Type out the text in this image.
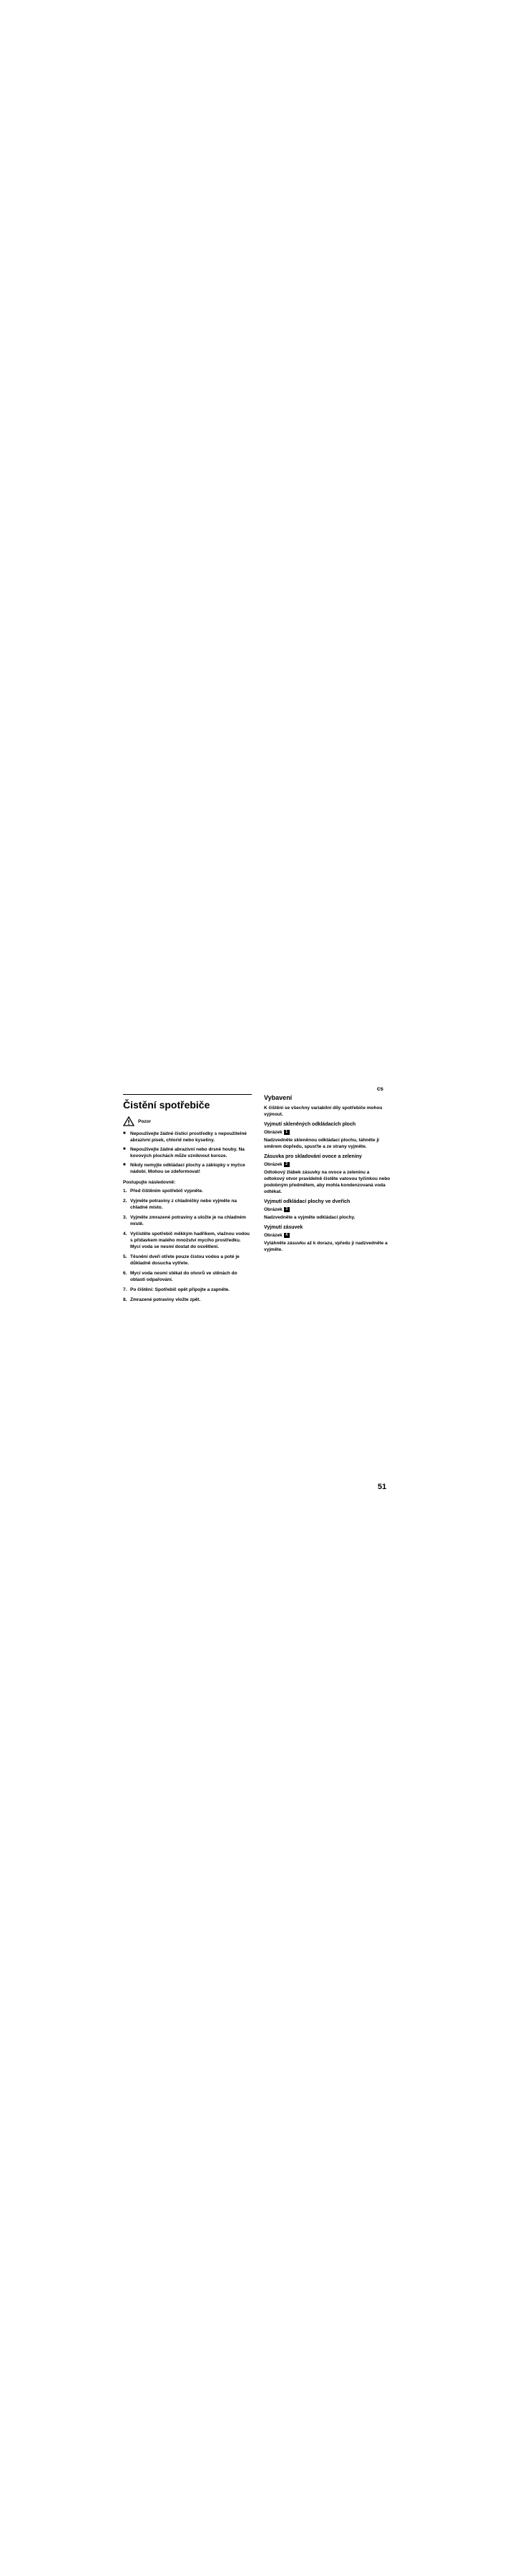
cs
Čistění spotřebiče
Pozor
■ Nepoužívejte žádné čisticí prostředky s nepoužitelné abrazivní písek, chlorid nebo kyseliny.
■ Nepoužívejte žádné abrazivní nebo drsné houby. Na kovových plochách může vzniknout koroze.
■ Nikdy nemyjte odkládací plochy a záklopky v myčce nádobí. Mohou se zdeformovat!
Postupujte následovně:
1. Před čištěním spotřebič vypněte.
2. Vyjměte potraviny z chladničky nebo vyjměte na chladné místo.
3. Vyjměte zmrazené potraviny a uložte je na chladném místě.
4. Vyčistěte spotřebič měkkým hadříkem, vlažnou vodou s přídavkem malého množství mycího prostředku. Mycí voda se nesmí dostat do osvětlení.
5. Těsnění dveří otřete pouze čistou vodou a poté je důkladně dosucha vytřete.
6. Mycí voda nesmí stékat do otvorů ve stěnách do oblasti odpařování.
7. Po čištění: Spotřebič opět připojte a zapněte.
8. Zmrazené potraviny vložte zpět.
Vybavení
K čištění se všechny variabilní díly spotřebiče mohou vyjmout.
Vyjmutí skleněných odkládacích ploch
Obrázek 1
Nadzvedněte skleněnou odkládací plochu, táhněte ji směrem dopředu, spusťte a ze strany vyjměte.
Zásuvka pro skladování ovoce a zeleniny
Obrázek 2
Odtokový žlábek zásuvky na ovoce a zeleninu a odtokový otvor pravidelně čistěte vatovou tyčinkou nebo podobným předmětem, aby mohla kondenzovaná voda odtékat.
Vyjmutí odkládací plochy ve dveřích
Obrázek 3
Nadzvedněte a vyjměte odkládací plochy.
Vyjmutí zásuvek
Obrázek 4
Vytáhněte zásuvku až k dorazu, vpředu ji nadzvedněte a vyjměte.
51
